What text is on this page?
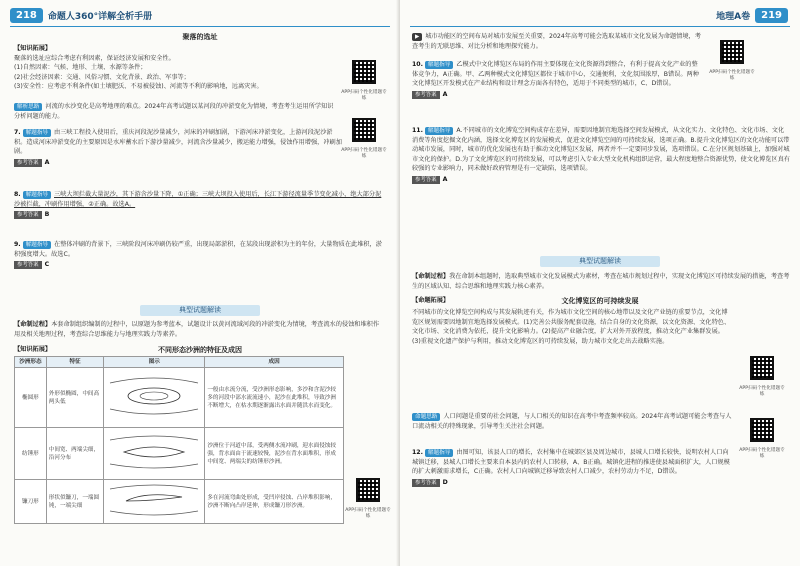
218	命题人360°详解全析手册
聚落的选址
【知识拓展】
聚落的选址应综合考虑有利因素，保证经济发展和安全性。
(1)自然因素：气候、地形、土壤、水源等条件；
(2)社会经济因素：交通、风俗习惯、文化背景、政治、军事等；
(3)安全性：应考虑不利条件(如土壤肥沃、不易被侵蚀)、河流等不利的影响地，远离灾害。
APP扫码个性化错题专练
解析思路 河流的水沙变化是高考地理的难点。2024年高考试题以某河段的冲淤变化为情境，考查考生运用所学知识分析问题的能力。
APP扫码个性化错题专练
7. 解题指导 由三峡工程投入使用后，重庆河段泥沙量减少，河床的冲刷加剧，下游河床冲淤变化，上游河段泥沙淤积。造成河床冲淤变化的主要原因是水库蓄水后下游沙量减少，河流含沙量减少，搬运能力增强，侵蚀作用增强，冲刷加剧。
参考答案 A
8. 解题指导 三峡大坝拦截大量泥沙，其下游含沙量下降，①正确；三峡大坝投入使用后，长江下游径流量季节变化减小，绝大部分泥沙被拦截，冲刷作用增强，②正确。故选A。
参考答案 B
9. 解题指导 在整体冲刷的背景下，三峡阶段河床冲刷仍较严重，出现局部淤积，在某段出现淤积为主的年份，大量物质在此堆积，淤积强度增大。故选C。
参考答案 C
典型试题解读
【命制过程】本套命制组织编制的过程中，以原题为参考蓝本，试题设计以黄河流域河段的冲淤变化为情境，考查流水的侵蚀和堆积作用及相关地理过程，考查综合思维能力与地理实践力等素养。
【知识拓展】	不同形态沙洲的特征及成因
沙洲形态	特征	图示	成因
椭圆形	外形似椭圆，中间高两头低		一般由水流分流，受沙洲形态影响，多沙和含泥沙较多的河段中部水流流速小，泥沙在此堆积，导致沙洲不断增大，在枯水期逐渐露出水面并随洪水而变化。
纺锤形	中间宽、两端尖细，沿河分布		沙洲位于河道中部，受两侧水流冲刷，迎水面侵蚀较强，背水面由于流速较慢，泥沙在背水面堆积，形成中间宽、两端尖的纺锤形沙洲。
镰刀形	形状似镰刀，一端圆钝，一端尖细		多在河流弯曲处形成，受凹岸侵蚀、凸岸堆积影响，沙洲不断向凸岸延伸，形成镰刀形沙洲。
APP扫码个性化错题专练
地理A卷	219
▶ 城市功能区的空间布局对城市发展至关重要，2024年高考可能会选取某城市文化发展为命题情境，考查考生的无联思维、对比分析和地理探究能力。
APP扫码个性化错题专练
10. 解题指导 乙模式中文化博览区布局的作用主要体现在文化资源得到整合，有利于提高文化产业的整体竞争力，A正确。甲、乙两种模式文化博览区都位于城市中心，交通便利，文化氛围浓厚，B错误。两种文化博览区开发模式在产业结构和设计理念方面各有特色，适用于不同类型的城市，C、D错误。
参考答案 A
11. 解题指导 A.不同城市的文化博览空间构成存在差异，需要因地制宜地选择空间发展模式，从文化实力、文化特色、文化市场、文化消费等角度挖掘文化内涵，选择文化博览区的发展模式，促进文化博览空间的可持续发展，选项正确。B.提升文化博览区的文化功能可以带动城市发展，同时，城市的优化发展也有助于推动文化博览区发展，两者并不一定要同步发展，选项错误。C.在分区规划基础上，加强对城市文化的保护。D.为了文化博览区的可持续发展，可以考虑引入专业大型文化机构组织运营，最大程度地整合资源优势，使文化博览区真有较强的专业影响力，同未做好政府管理是有一定缺陷，选项错误。
参考答案 A
典型试题解读
【命制过程】我在命制本组题时，选取典型城市文化发展模式为素材，考查在城市规划过程中，实现文化博览区可持续发展的措施，考查考生的区域认知、综合思维和地理实践力核心素养。
【命题拓展】	文化博览区的可持续发展
不同城市的文化博览空间构成与其发展轨迹有关，作为城市文化空间的核心地带以及文化产业链的重要节点，文化博览区规划需要因地制宜地选择发展模式。(1)完善公共服务配套设施，结合自身的文化资源，以文化资源、文化特色、文化市场、文化消费为依托，提升文化影响力。(2)提高产业融合度，扩大对外开放程度，推动文化产业集群发展。(3)重视文化遗产保护与利用，推动文化博览区的可持续发展，助力城市文化走出去战略实施。
APP扫码个性化错题专练
命题思路 人口问题是重要的社会问题，与人口相关的知识在高考中考查频率较高。2024年高考试题可能会考查与人口流动相关的特殊现象，引导考生关注社会问题。
APP扫码个性化错题专练
12. 解题指导 由图可知，该县人口的增长，农村集中在城郊区县及周边城市，县城人口增长较快，说明农村人口向城镇迁移，县城人口增长主要来自本县内的农村人口转移，A、B正确。城镇化进程的推进使县城面积扩大，人口规模的扩大刺激需求增长，C正确。农村人口向城镇迁移导致农村人口减少，农村劳动力不足，D错误。
参考答案 D
